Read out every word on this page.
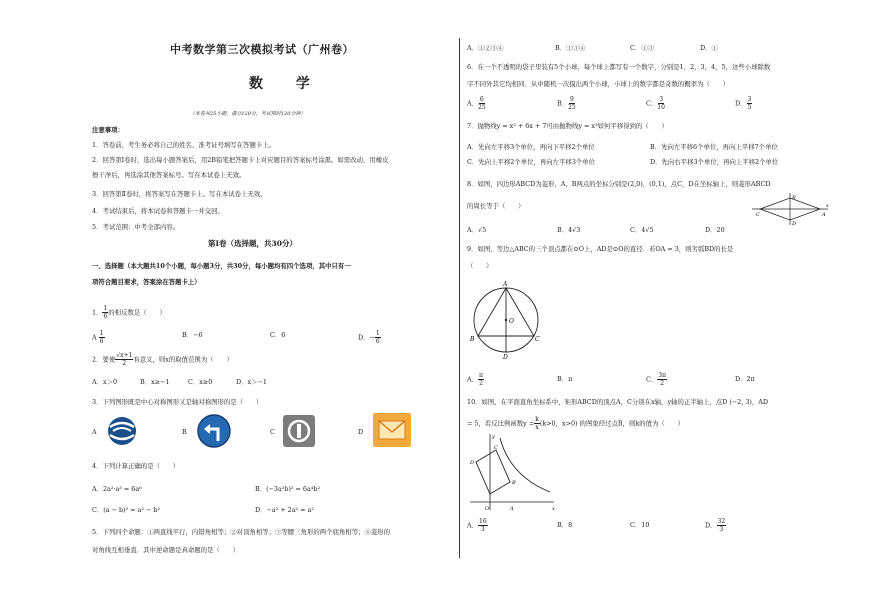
中考数学第三次模拟考试（广州卷）
数 学
（本卷共25小题，满分120分，考试用时120分钟）
注意事项：
1．答卷前，考生务必将自己的姓名、准考证号填写在答题卡上。
2．回答第Ⅰ卷时，选出每小题答案后，用2B铅笔把答题卡上对应题目的答案标号涂黑。如需改动，用橡皮
擦干净后，再选涂其他答案标号。写在本试卷上无效。
3．回答第Ⅱ卷时，将答案写在答题卡上。写在本试卷上无效。
4．考试结束后，将本试卷和答题卡一并交回。
5．考试范围：中考全部内容。
第Ⅰ卷（选择题，共30分）
一、选择题（本大题共10个小题，每小题3分，共30分，每小题均有四个选项，其中只有一
项符合题目要求，答案涂在答题卡上）
1． $\frac{1}{6}$ 的相反数是（　　）
A $\frac{1}{6}$	B．−6	C．6	D．− $\frac{1}{6}$
2．要使 $\frac{√x+1}{2}$ 有意义，则x的取值范围为（　　）
A．x＞0	B．x≥−1	C．x≥0	D．x＞−1
3．下列图形既是中心对称图形又是轴对称图形的是（　　）
A	B	C	D
4．下列计算正确的是（　　）
A．2a²·a³ = 6a⁶	B．(−3a²b)² = 6a⁴b²
C．(a − b)² = a² − b²	D．−a² + 2a² = a²
5．下列四个命题：①两直线平行，内错角相等；②对顶角相等；③等腰三角形的两个底角相等；④菱形的
对角线互相垂直．其中逆命题是真命题的是（　　）
A．①②③④	B．①③④	C．①③	D．①
6．在一个不透明的袋子里装有5个小球，每个球上都写有一个数字，分别是1，2，3，4，5，这些小球除数
字不同外其它均相同．从中随机一次摸出两个小球，小球上的数字都是奇数的概率为（　　）
A． $\frac{6}{25}$	B． $\frac{9}{25}$	C． $\frac{3}{10}$	D． $\frac{3}{5}$
7．抛物线y = x² + 6x + 7可由抛物线y = x²如何平移得到的（　　）
A．先向左平移3个单位，再向下平移2个单位	B．先向左平移6个单位，再向上平移7个单位
C．先向上平移2个单位，再向左平移3个单位	D．先向右平移3个单位，再向上平移2个单位
8．如图，四边形ABCD为菱形，A，B两点的坐标分别是(2,0)，(0,1)，点C，D在坐标轴上，则菱形ABCD
的周长等于（　　）
A
B
C
D
x
A．√5	B．4√3	C．4√5	D．20
9．如图，等边△ABC的三个顶点都在⊙O上，AD是⊙O的直径．若OA = 3，则劣弧BD的长是
（　　）
A
O
B	C
D
A． $\frac{\pi}{2}$	B．π	C． $\frac{3\pi}{2}$	D．2π
10．如图，在平面直角坐标系中，矩形ABCD的顶点A，C分别在x轴，y轴的正半轴上，点D (−2, 3)，AD
= 5，若反比例函数$y = \frac{k}{x} (k>0$，x>0) 的图象经过点B，则k的值为（　　）
y
x
C
D
B
A
O
A． $\frac{16}{3}$	B．8	C．10	D． $\frac{32}{3}$
